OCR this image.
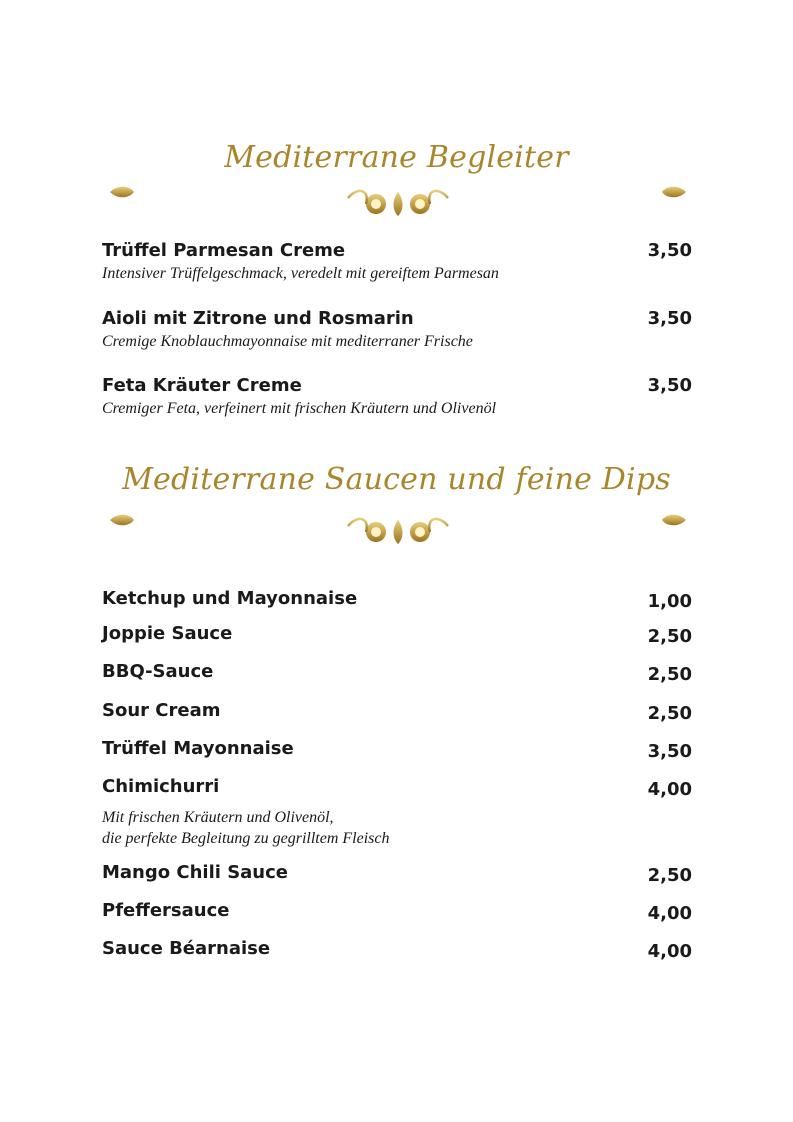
Mediterrane Begleiter
Trüffel Parmesan Creme	3,50
Intensiver Trüffelgeschmack, veredelt mit gereiftem Parmesan
Aioli mit Zitrone und Rosmarin	3,50
Cremige Knoblauchmayonnaise mit mediterraner Frische
Feta Kräuter Creme	3,50
Cremiger Feta, verfeinert mit frischen Kräutern und Olivenöl
Mediterrane Saucen und feine Dips
Ketchup und Mayonnaise	1,00
Joppie Sauce	2,50
BBQ-Sauce	2,50
Sour Cream	2,50
Trüffel Mayonnaise	3,50
Chimichurri	4,00
Mit frischen Kräutern und Olivenöl,
die perfekte Begleitung zu gegrilltem Fleisch
Mango Chili Sauce	2,50
Pfeffersauce	4,00
Sauce Béarnaise	4,00
